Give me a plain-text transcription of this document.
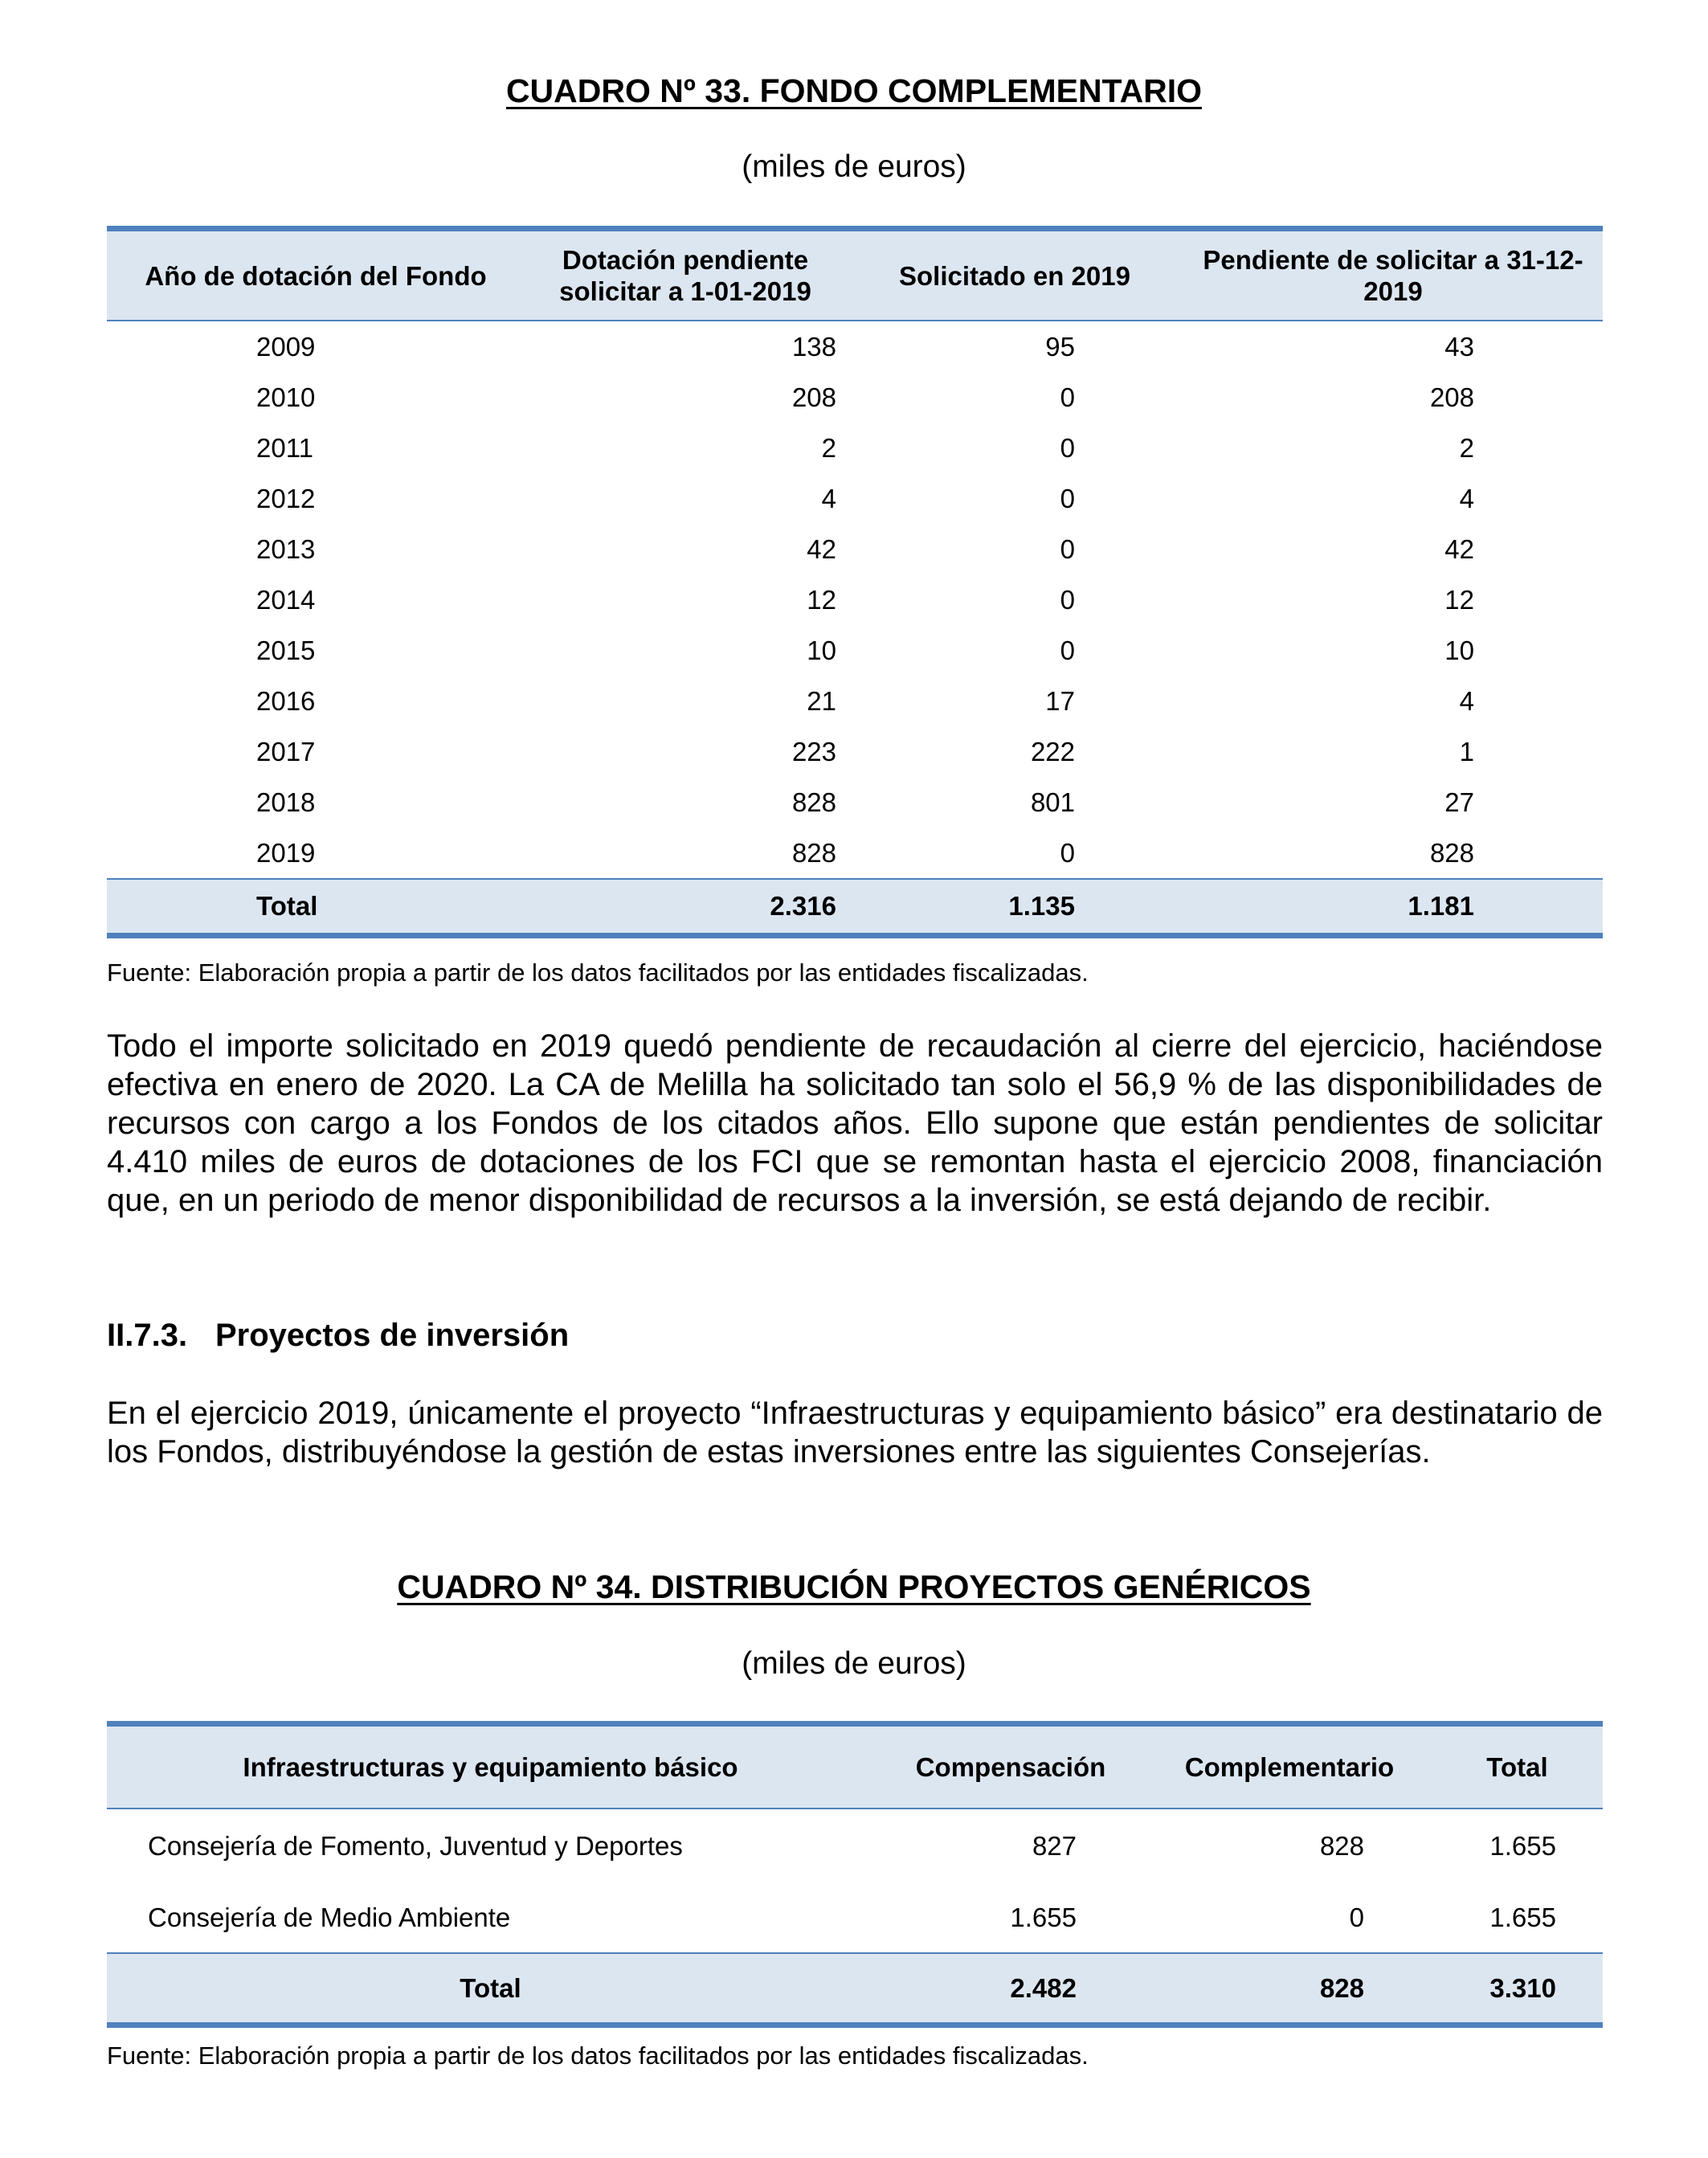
CUADRO Nº 33. FONDO COMPLEMENTARIO
(miles de euros)
Año de dotación del Fondo	Dotación pendiente solicitar a 1-01-2019	Solicitado en 2019	Pendiente de solicitar a 31-12-2019
2009	138	95	43
2010	208	0	208
2011	2	0	2
2012	4	0	4
2013	42	0	42
2014	12	0	12
2015	10	0	10
2016	21	17	4
2017	223	222	1
2018	828	801	27
2019	828	0	828
Total	2.316	1.135	1.181
Fuente: Elaboración propia a partir de los datos facilitados por las entidades fiscalizadas.
Todo el importe solicitado en 2019 quedó pendiente de recaudación al cierre del ejercicio, haciéndose efectiva en enero de 2020. La CA de Melilla ha solicitado tan solo el 56,9 % de las disponibilidades de recursos con cargo a los Fondos de los citados años. Ello supone que están pendientes de solicitar 4.410 miles de euros de dotaciones de los FCI que se remontan hasta el ejercicio 2008, financiación que, en un periodo de menor disponibilidad de recursos a la inversión, se está dejando de recibir.
II.7.3. Proyectos de inversión
En el ejercicio 2019, únicamente el proyecto “Infraestructuras y equipamiento básico” era destinatario de los Fondos, distribuyéndose la gestión de estas inversiones entre las siguientes Consejerías.
CUADRO Nº 34. DISTRIBUCIÓN PROYECTOS GENÉRICOS
(miles de euros)
Infraestructuras y equipamiento básico	Compensación	Complementario	Total
Consejería de Fomento, Juventud y Deportes	827	828	1.655
Consejería de Medio Ambiente	1.655	0	1.655
Total	2.482	828	3.310
Fuente: Elaboración propia a partir de los datos facilitados por las entidades fiscalizadas.
